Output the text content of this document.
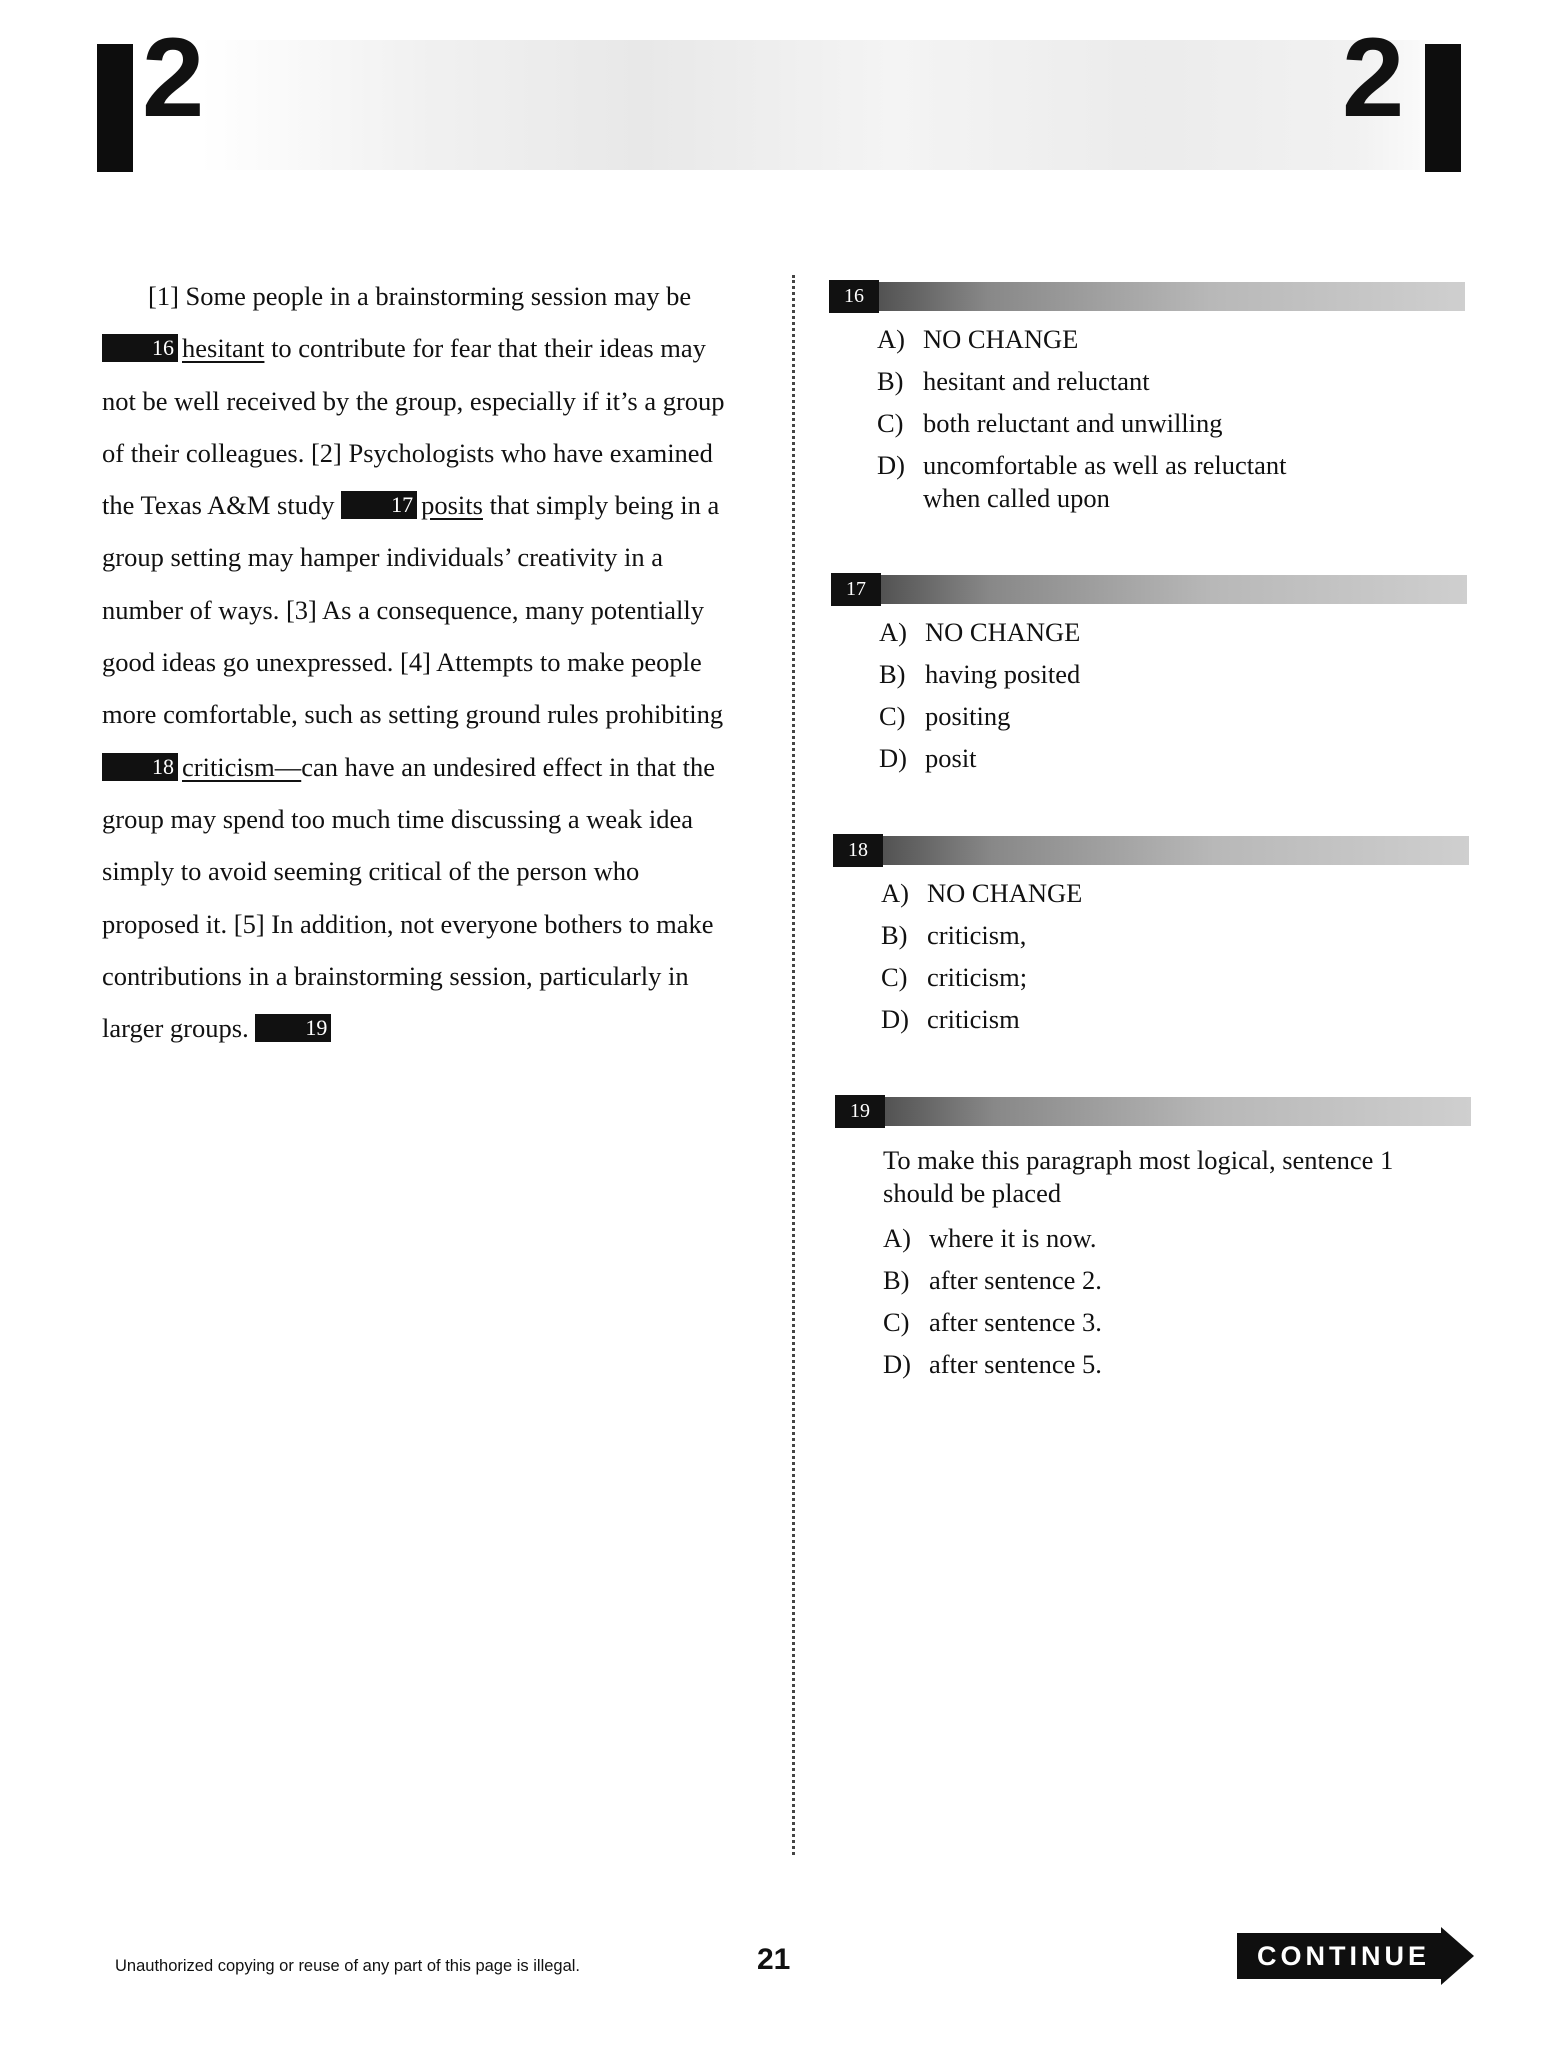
2	2

[1] Some people in a brainstorming session may be 16 hesitant to contribute for fear that their ideas may not be well received by the group, especially if it’s a group of their colleagues. [2] Psychologists who have examined the Texas A&M study	17 posits that simply being in a group setting may hamper individuals’ creativity in a number of ways. [3] As a consequence, many potentially good ideas go unexpressed. [4] Attempts to make people more comfortable, such as setting ground rules prohibiting 18 criticism—can have an undesired effect in that the group may spend too much time discussing a weak idea simply to avoid seeming critical of the person who proposed it. [5] In addition, not everyone bothers to make contributions in a brainstorming session, particularly in larger groups.	19

16
A) NO CHANGE
B) hesitant and reluctant
C) both reluctant and unwilling
D) uncomfortable as well as reluctant when called upon
17
A) NO CHANGE
B) having posited
C) positing
D) posit
18
A) NO CHANGE
B) criticism,
C) criticism;
D) criticism
19
To make this paragraph most logical, sentence 1 should be placed
A) where it is now.
B) after sentence 2.
C) after sentence 3.
D) after sentence 5.
Unauthorized copying or reuse of any part of this page is illegal.	21	CONTINUE
